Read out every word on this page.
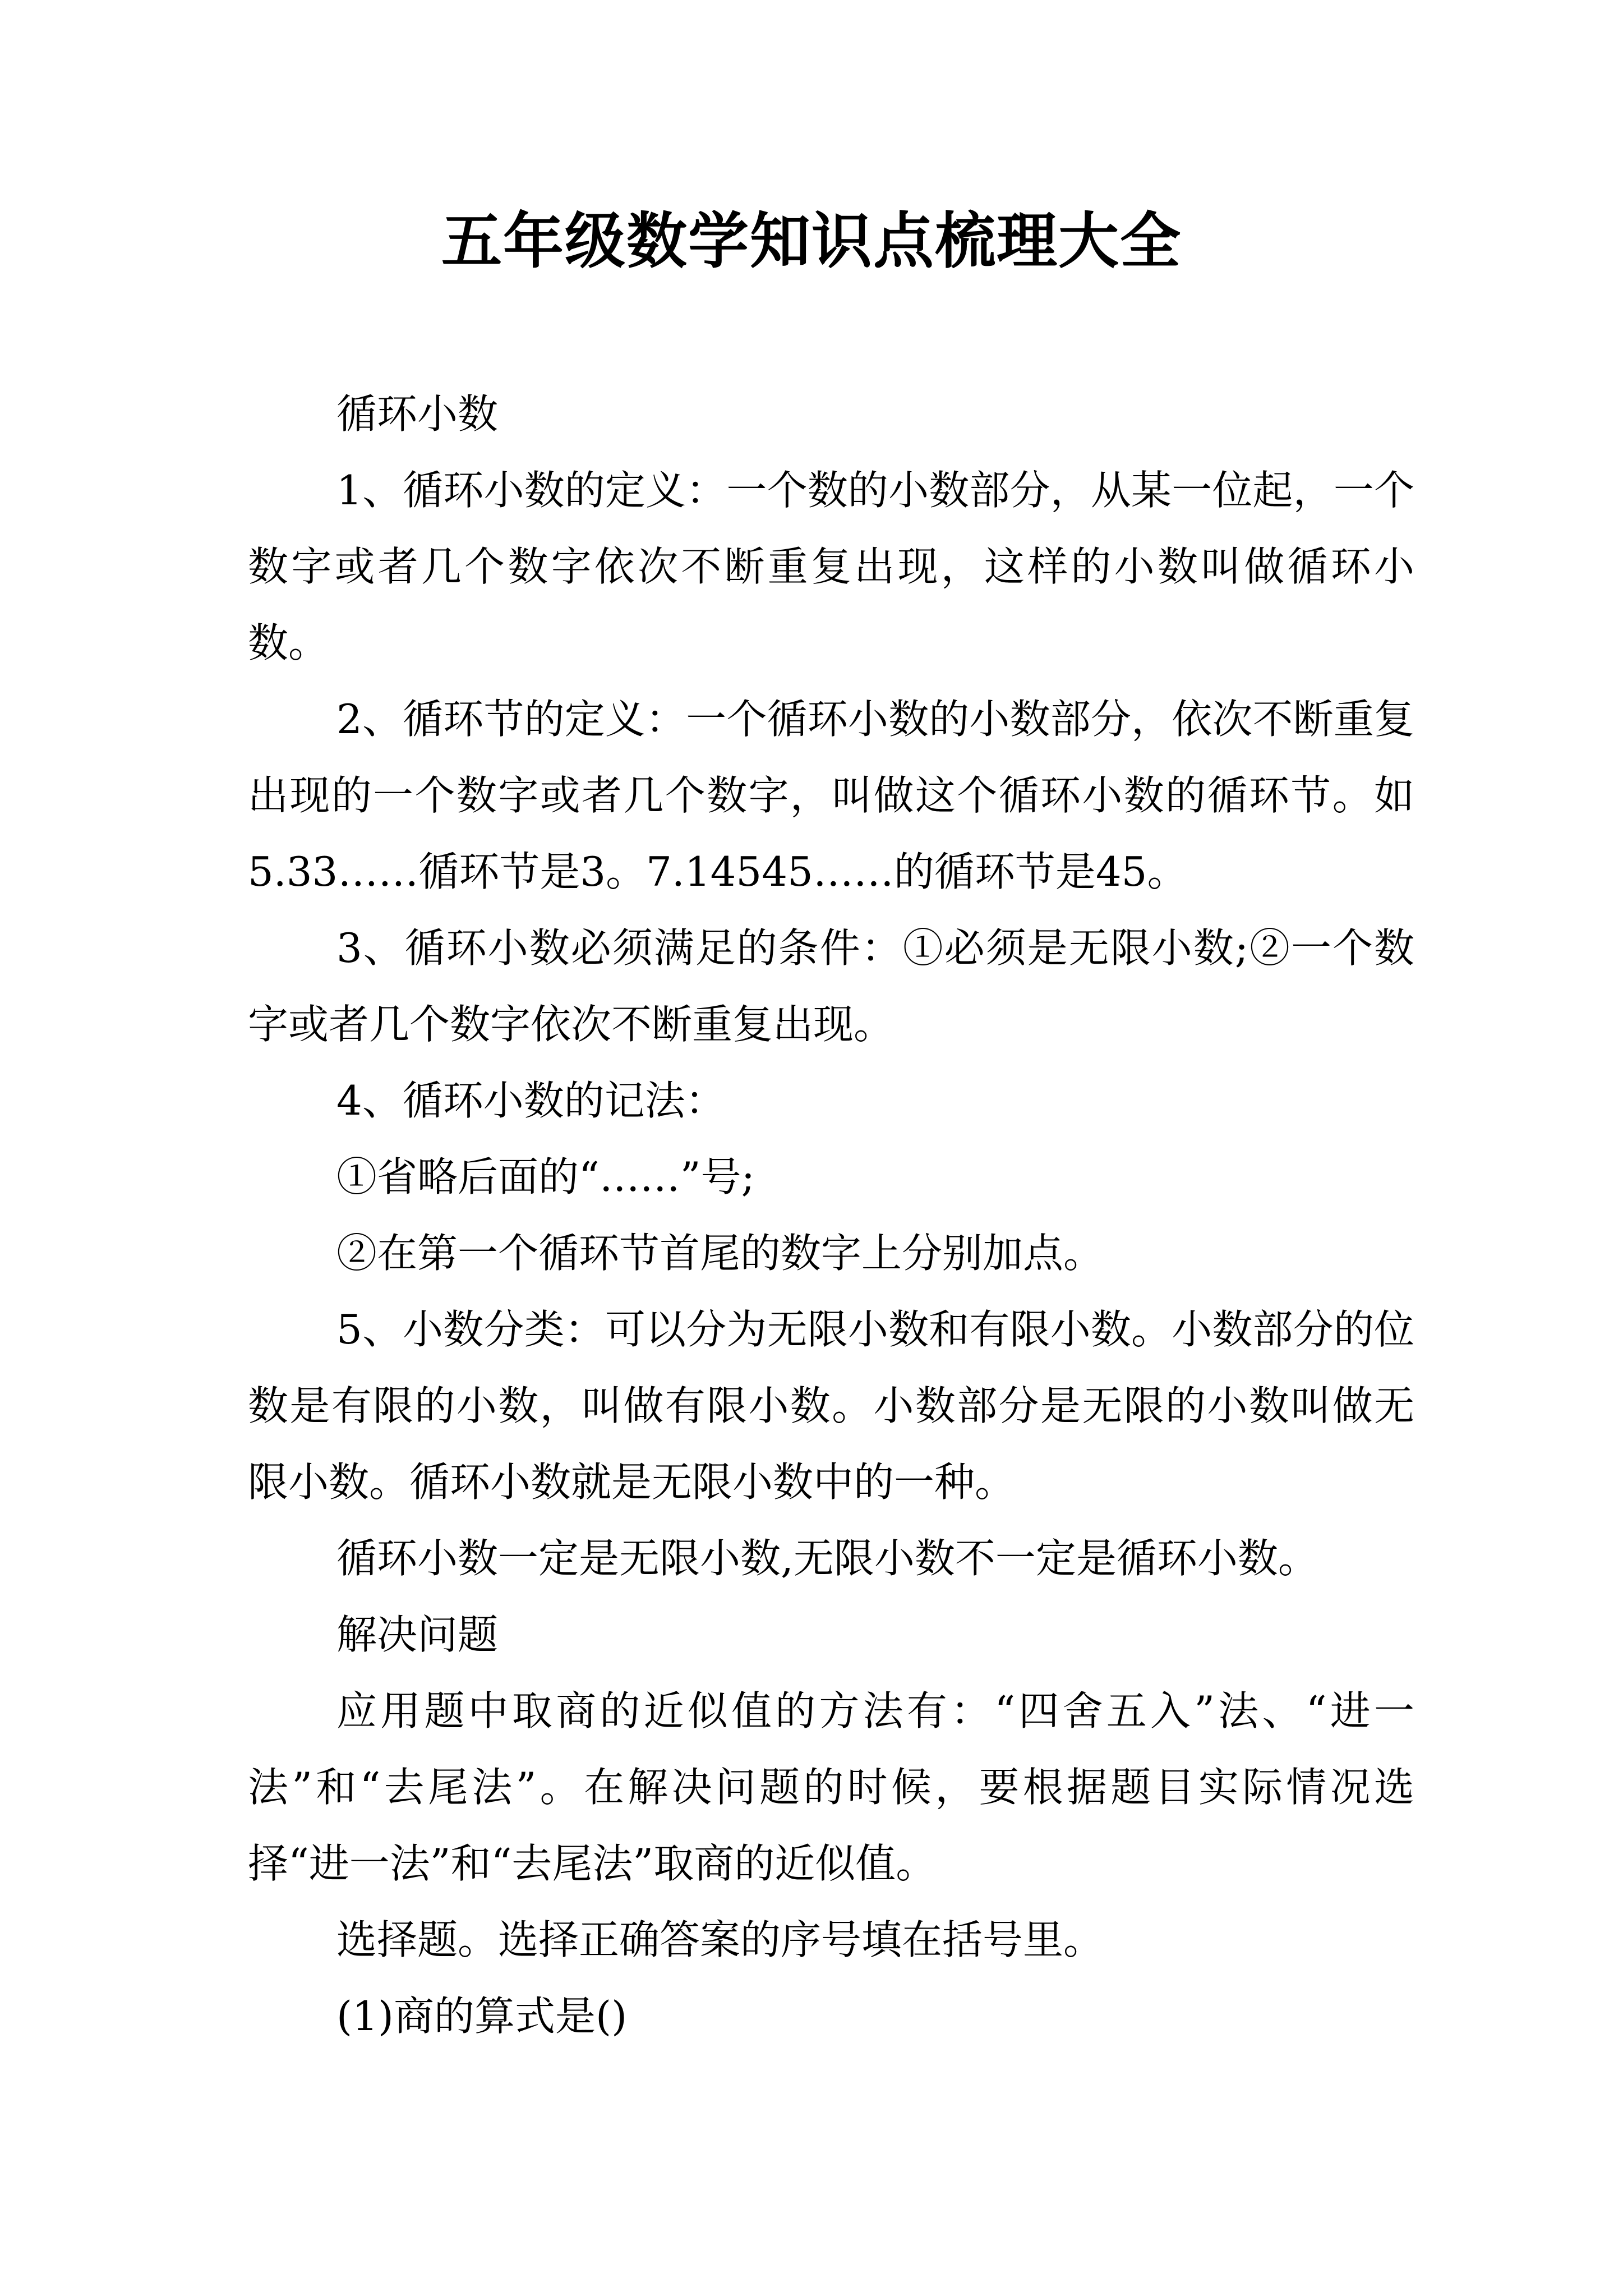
五年级数学知识点梳理大全

循环小数

1、循环小数的定义：一个数的小数部分，从某一位起，一个数字或者几个数字依次不断重复出现，这样的小数叫做循环小数。

2、循环节的定义：一个循环小数的小数部分，依次不断重复出现的一个数字或者几个数字，叫做这个循环小数的循环节。如5.33……循环节是3。7.14545……的循环节是45。

3、循环小数必须满足的条件：①必须是无限小数;②一个数字或者几个数字依次不断重复出现。

4、循环小数的记法：

①省略后面的“……”号;

②在第一个循环节首尾的数字上分别加点。

5、小数分类：可以分为无限小数和有限小数。小数部分的位数是有限的小数，叫做有限小数。小数部分是无限的小数叫做无限小数。循环小数就是无限小数中的一种。

循环小数一定是无限小数,无限小数不一定是循环小数。

解决问题

应用题中取商的近似值的方法有：“四舍五入”法、“进一法”和“去尾法”。在解决问题的时候，要根据题目实际情况选择“进一法”和“去尾法”取商的近似值。

选择题。选择正确答案的序号填在括号里。

(1)商的算式是()
